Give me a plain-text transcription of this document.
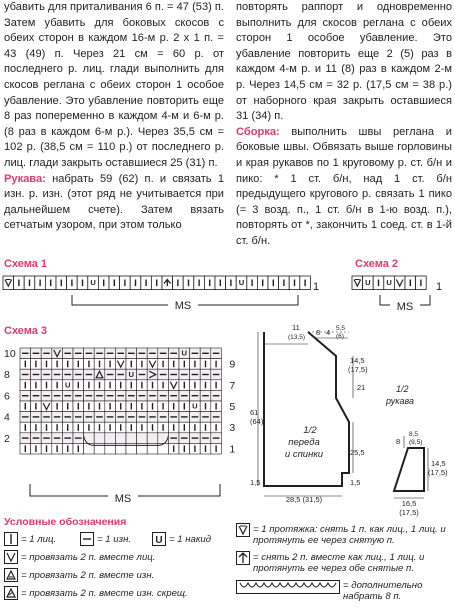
убавить для приталивания 6 п. = 47 (53) п. Затем убавить для боковых скосов с обеих сторон в каждом 16-м р. 2 х 1 п. = 43 (49) п. Через 21 см = 60 р. от последнего р. лиц. глади выполнить для скосов реглана с обеих сторон 1 особое убавление. Это убавление повторить еще 8 раз попеременно в каждом 4-м и 6-м р. (8 раз в каждом 6-м р.). Через 35,5 см = 102 р. (38,5 см = 110 р.) от последнего р. лиц. глади закрыть оставшиеся 25 (31) п.

Рукава: набрать 59 (62) п. и связать 1 изн. р. изн. (этот ряд не учитывается при дальнейшем счете). Затем вязать сетчатым узором, при этом только

повторять раппорт и одновременно выполнить для скосов реглана с обеих сторон 1 особое убавление. Это убавление повторить еще 2 (5) раз в каждом 4-м р. и 11 (8) раз в каждом 2-м р. Через 14,5 см = 32 р. (17,5 см = 38 р.) от наборного края закрыть оставшиеся 31 (34) п.

Сборка: выполнить швы реглана и боковые швы. Обвязать выше горловины и края рукавов по 1 круговому р. ст. б/н и пико: * 1 ст. б/н, над 1 ст. б/н предыдущего кругового р. связать 1 пико (= 3 возд. п., 1 ст. б/н в 1-ю возд. п.), повторять от *, закончить 1 соед. ст. в 1-й ст. б/н.

Схема 1
U	U	1
MS
Схема 2
U U	1
MS
Схема 3
U
U
U
U
10
8
6
4
2
9
7
5
3
1
MS
11
(13,5)
8 4 5,5
(6)
14,5
(17,5)
21
61
(64)
25,5
1,5	1,5
28,5 (31,5)
1/2
переда
и спинки
1/2
рукава
8
8,5
(9,5)
14,5
(17,5)
16,5
(17,5)
Условные обозначения
= 1 лиц.	= 1 изн. U = 1 накид
= провязать 2 п. вместе лиц.
= провязать 2 п. вместе изн.
= провязать 2 п. вместе изн. скрещ.
= 1 протяжка: снять 1 п. как лиц., 1 лиц. и протянуть ее через снятую п.
= снять 2 п. вместе как лиц., 1 лиц. и протянуть ее через обе снятые п.
= дополнительно набрать 8 п.
